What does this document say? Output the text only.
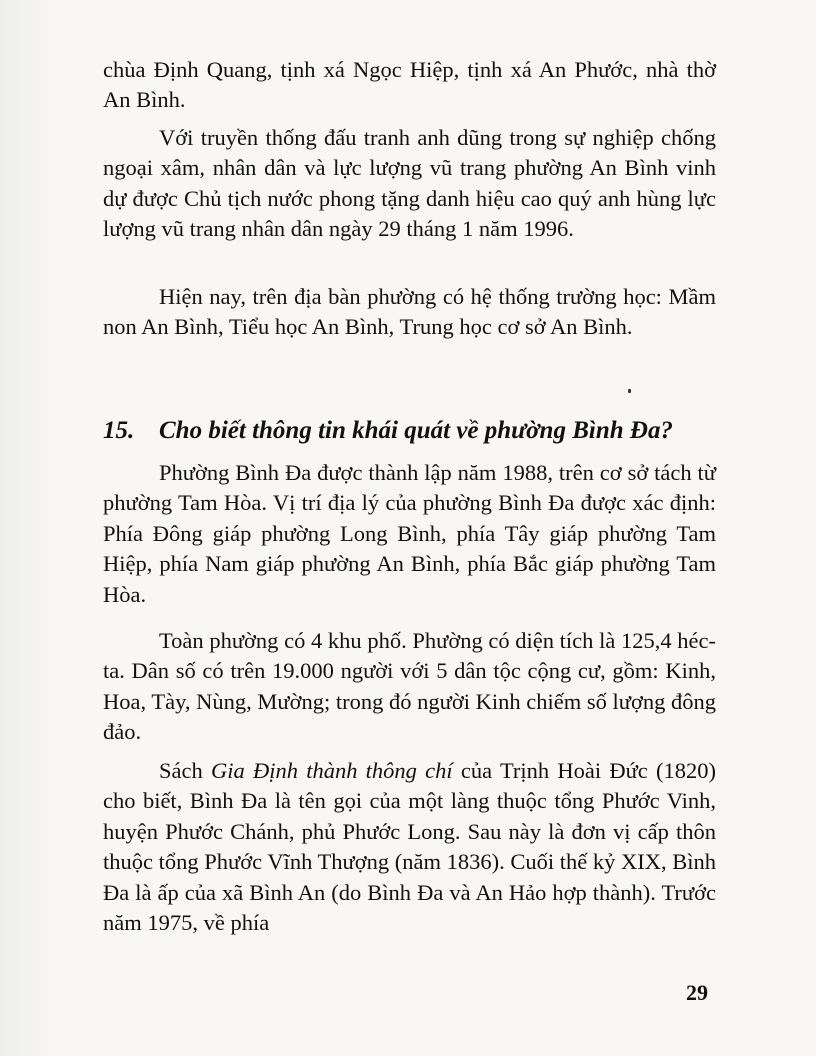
chùa Định Quang, tịnh xá Ngọc Hiệp, tịnh xá An Phước, nhà thờ An Bình.

Với truyền thống đấu tranh anh dũng trong sự nghiệp chống ngoại xâm, nhân dân và lực lượng vũ trang phường An Bình vinh dự được Chủ tịch nước phong tặng danh hiệu cao quý anh hùng lực lượng vũ trang nhân dân ngày 29 tháng 1 năm 1996.

Hiện nay, trên địa bàn phường có hệ thống trường học: Mầm non An Bình, Tiểu học An Bình, Trung học cơ sở An Bình.

15. Cho biết thông tin khái quát về phường Bình Đa?

Phường Bình Đa được thành lập năm 1988, trên cơ sở tách từ phường Tam Hòa. Vị trí địa lý của phường Bình Đa được xác định: Phía Đông giáp phường Long Bình, phía Tây giáp phường Tam Hiệp, phía Nam giáp phường An Bình, phía Bắc giáp phường Tam Hòa.

Toàn phường có 4 khu phố. Phường có diện tích là 125,4 héc-ta. Dân số có trên 19.000 người với 5 dân tộc cộng cư, gồm: Kinh, Hoa, Tày, Nùng, Mường; trong đó người Kinh chiếm số lượng đông đảo.

Sách Gia Định thành thông chí của Trịnh Hoài Đức (1820) cho biết, Bình Đa là tên gọi của một làng thuộc tổng Phước Vinh, huyện Phước Chánh, phủ Phước Long. Sau này là đơn vị cấp thôn thuộc tổng Phước Vĩnh Thượng (năm 1836). Cuối thế kỷ XIX, Bình Đa là ấp của xã Bình An (do Bình Đa và An Hảo hợp thành). Trước năm 1975, về phía

29
